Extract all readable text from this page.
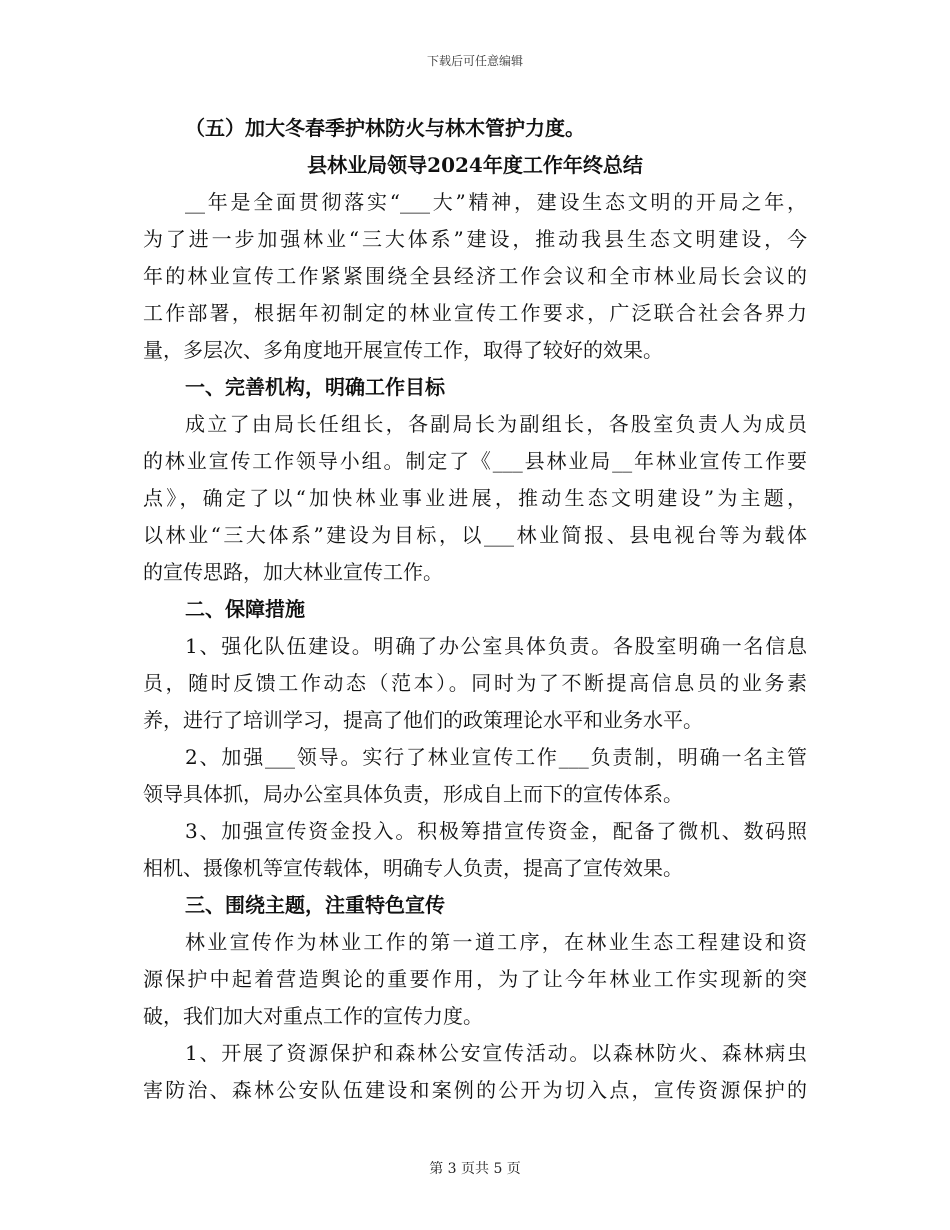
下载后可任意编辑
（五）加大冬春季护林防火与林木管护力度。
县林业局领导2024年度工作年终总结
__年是全面贯彻落实“___大”精神，建设生态文明的开局之年，
为了进一步加强林业“三大体系”建设，推动我县生态文明建设，今
年的林业宣传工作紧紧围绕全县经济工作会议和全市林业局长会议的
工作部署，根据年初制定的林业宣传工作要求，广泛联合社会各界力
量，多层次、多角度地开展宣传工作，取得了较好的效果。
一、完善机构，明确工作目标
成立了由局长任组长，各副局长为副组长，各股室负责人为成员
的林业宣传工作领导小组。制定了《___县林业局__年林业宣传工作要
点》，确定了以“加快林业事业进展，推动生态文明建设”为主题，
以林业“三大体系”建设为目标，以___林业简报、县电视台等为载体
的宣传思路，加大林业宣传工作。
二、保障措施
1、强化队伍建设。明确了办公室具体负责。各股室明确一名信息
员，随时反馈工作动态（范本）。同时为了不断提高信息员的业务素
养，进行了培训学习，提高了他们的政策理论水平和业务水平。
2、加强___领导。实行了林业宣传工作___负责制，明确一名主管
领导具体抓，局办公室具体负责，形成自上而下的宣传体系。
3、加强宣传资金投入。积极筹措宣传资金，配备了微机、数码照
相机、摄像机等宣传载体，明确专人负责，提高了宣传效果。
三、围绕主题，注重特色宣传
林业宣传作为林业工作的第一道工序，在林业生态工程建设和资
源保护中起着营造舆论的重要作用，为了让今年林业工作实现新的突
破，我们加大对重点工作的宣传力度。
1、开展了资源保护和森林公安宣传活动。以森林防火、森林病虫
害防治、森林公安队伍建设和案例的公开为切入点，宣传资源保护的
第 3 页共 5 页
